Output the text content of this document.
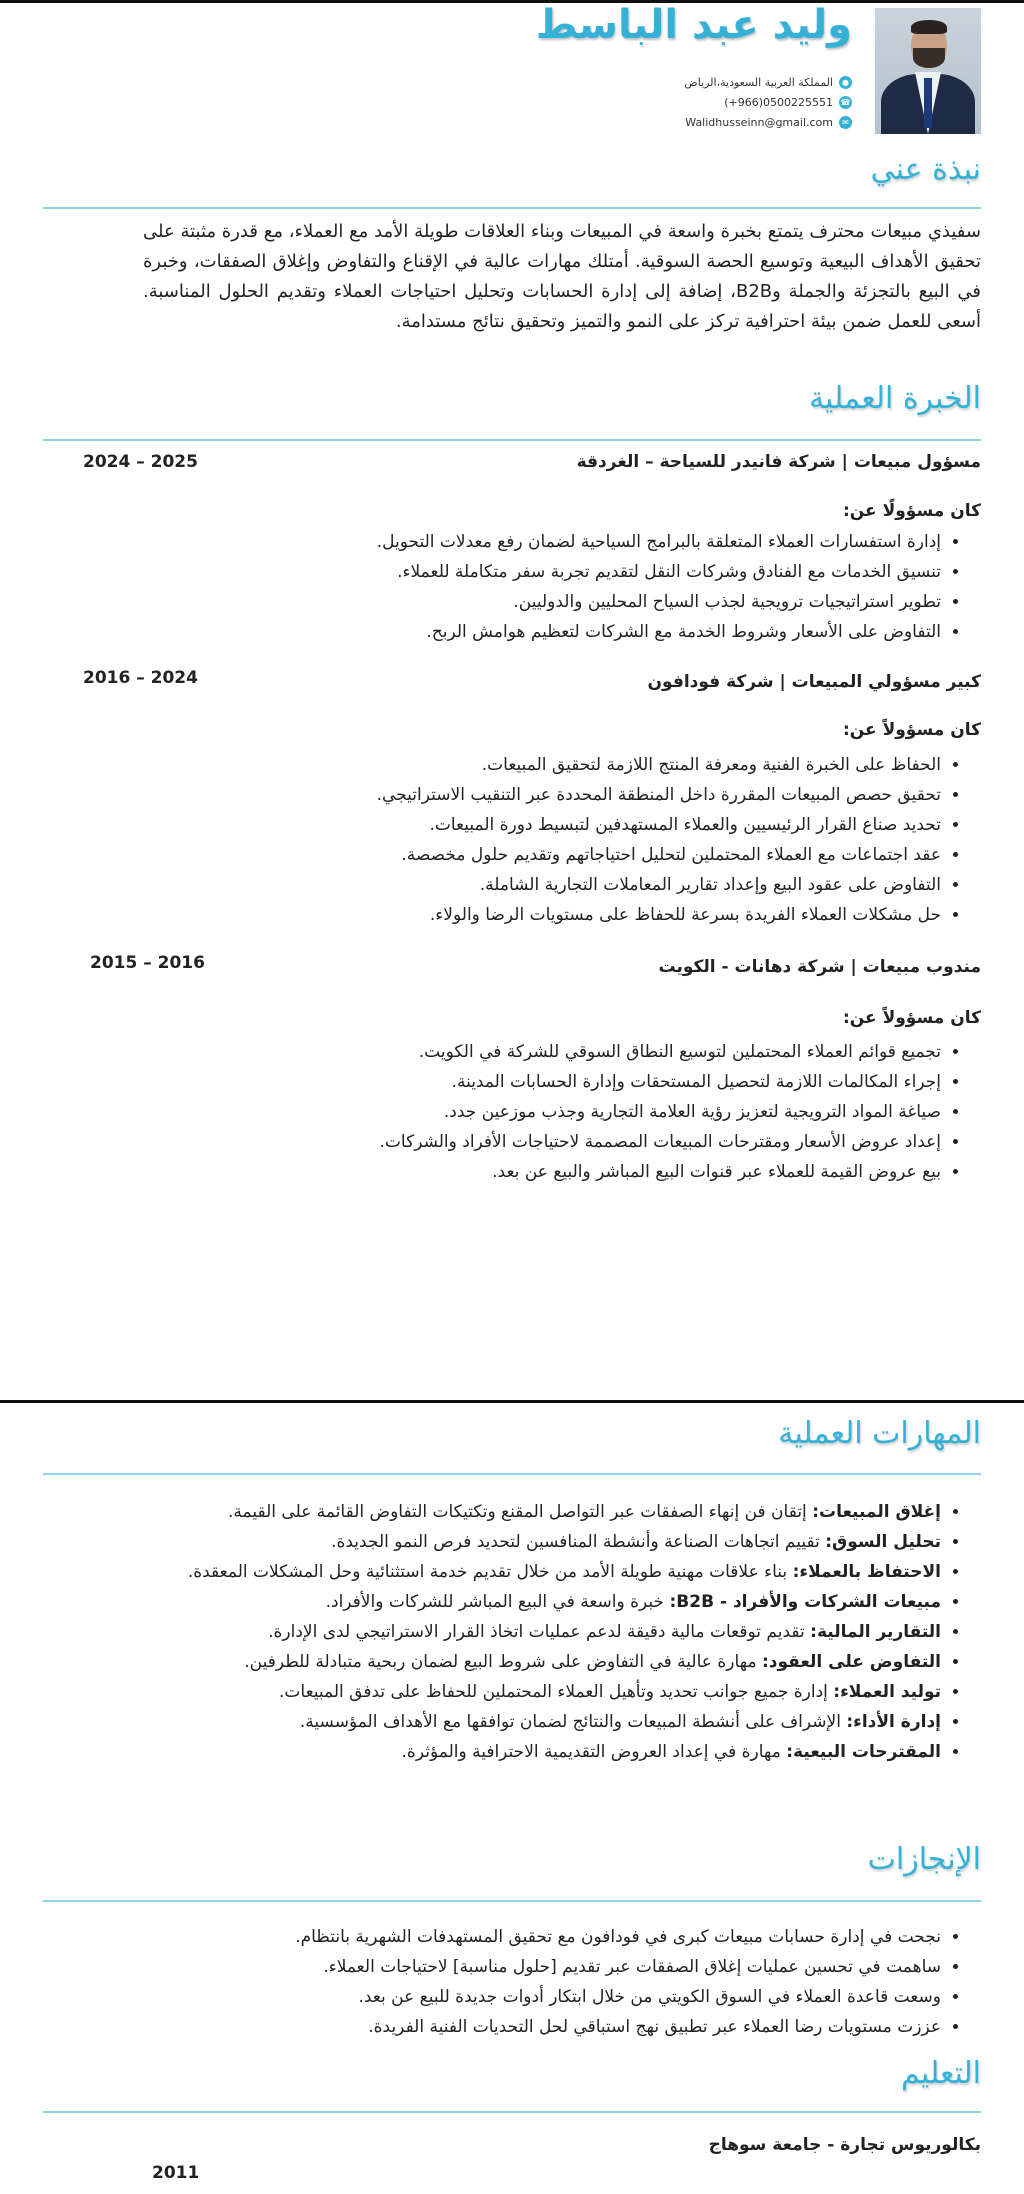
وليد عبد الباسط
●
المملكة العربية السعودية،الرياض
☎
(+966)0500225551
✉
Walidhusseinn@gmail.com
نبذة عني
سفيذي مبيعات محترف يتمتع بخبرة واسعة في المبيعات وبناء العلاقات طويلة الأمد مع العملاء، مع قدرة مثبتة على تحقيق الأهداف البيعية وتوسيع الحصة السوقية. أمتلك مهارات عالية في الإقناع والتفاوض وإغلاق الصفقات، وخبرة في البيع بالتجزئة والجملة وB2B، إضافة إلى إدارة الحسابات وتحليل احتياجات العملاء وتقديم الحلول المناسبة. أسعى للعمل ضمن بيئة احترافية تركز على النمو والتميز وتحقيق نتائج مستدامة.
الخبرة العملية
مسؤول مبيعات | شركة فانيدر للسياحة – الغردقة
2024 – 2025
كان مسؤولًا عن:
• إدارة استفسارات العملاء المتعلقة بالبرامج السياحية لضمان رفع معدلات التحويل.
• تنسيق الخدمات مع الفنادق وشركات النقل لتقديم تجربة سفر متكاملة للعملاء.
• تطوير استراتيجيات ترويجية لجذب السياح المحليين والدوليين.
• التفاوض على الأسعار وشروط الخدمة مع الشركات لتعظيم هوامش الربح.
كبير مسؤولي المبيعات | شركة فودافون
2016 – 2024
كان مسؤولاً عن:
• الحفاظ على الخبرة الفنية ومعرفة المنتج اللازمة لتحقيق المبيعات.
• تحقيق حصص المبيعات المقررة داخل المنطقة المحددة عبر التنقيب الاستراتيجي.
• تحديد صناع القرار الرئيسيين والعملاء المستهدفين لتبسيط دورة المبيعات.
• عقد اجتماعات مع العملاء المحتملين لتحليل احتياجاتهم وتقديم حلول مخصصة.
• التفاوض على عقود البيع وإعداد تقارير المعاملات التجارية الشاملة.
• حل مشكلات العملاء الفريدة بسرعة للحفاظ على مستويات الرضا والولاء.
مندوب مبيعات | شركة دهانات - الكويت
2015 – 2016
كان مسؤولاً عن:
• تجميع قوائم العملاء المحتملين لتوسيع النطاق السوقي للشركة في الكويت.
• إجراء المكالمات اللازمة لتحصيل المستحقات وإدارة الحسابات المدينة.
• صياغة المواد الترويجية لتعزيز رؤية العلامة التجارية وجذب موزعين جدد.
• إعداد عروض الأسعار ومقترحات المبيعات المصممة لاحتياجات الأفراد والشركات.
• بيع عروض القيمة للعملاء عبر قنوات البيع المباشر والبيع عن بعد.
المهارات العملية
• إغلاق المبيعات: إتقان فن إنهاء الصفقات عبر التواصل المقنع وتكتيكات التفاوض القائمة على القيمة.
• تحليل السوق: تقييم اتجاهات الصناعة وأنشطة المنافسين لتحديد فرص النمو الجديدة.
• الاحتفاظ بالعملاء: بناء علاقات مهنية طويلة الأمد من خلال تقديم خدمة استثنائية وحل المشكلات المعقدة.
• مبيعات الشركات والأفراد - B2B: خبرة واسعة في البيع المباشر للشركات والأفراد.
• التقارير المالية: تقديم توقعات مالية دقيقة لدعم عمليات اتخاذ القرار الاستراتيجي لدى الإدارة.
• التفاوض على العقود: مهارة عالية في التفاوض على شروط البيع لضمان ربحية متبادلة للطرفين.
• توليد العملاء: إدارة جميع جوانب تحديد وتأهيل العملاء المحتملين للحفاظ على تدفق المبيعات.
• إدارة الأداء: الإشراف على أنشطة المبيعات والنتائج لضمان توافقها مع الأهداف المؤسسية.
• المقترحات البيعية: مهارة في إعداد العروض التقديمية الاحترافية والمؤثرة.
الإنجازات
• نجحت في إدارة حسابات مبيعات كبرى في فودافون مع تحقيق المستهدفات الشهرية بانتظام.
• ساهمت في تحسين عمليات إغلاق الصفقات عبر تقديم [حلول مناسبة] لاحتياجات العملاء.
• وسعت قاعدة العملاء في السوق الكويتي من خلال ابتكار أدوات جديدة للبيع عن بعد.
• عززت مستويات رضا العملاء عبر تطبيق نهج استباقي لحل التحديات الفنية الفريدة.
التعليم
بكالوريوس تجارة - جامعة سوهاج
2011
